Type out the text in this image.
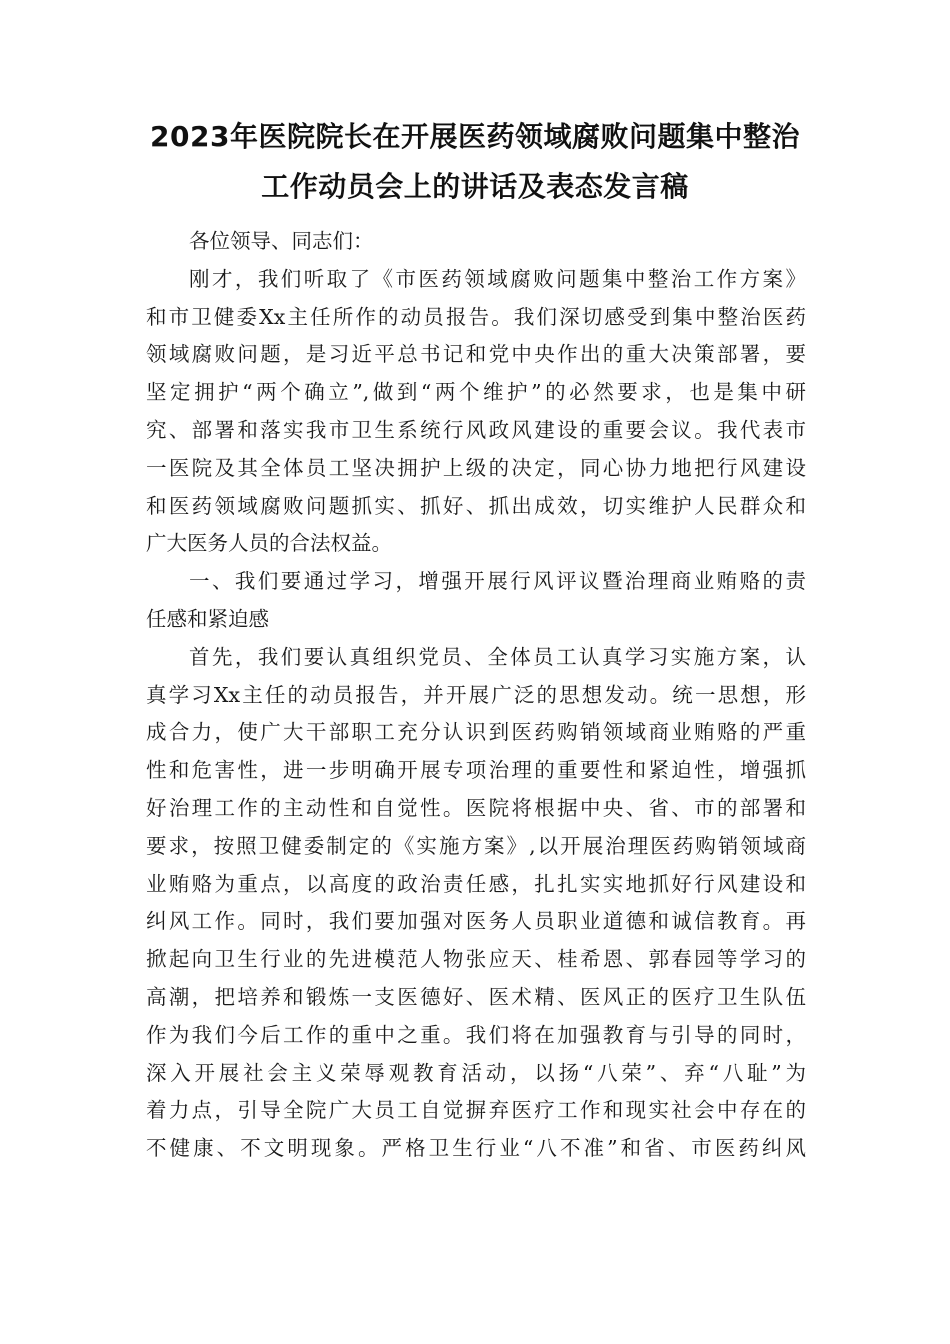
2023年医院院长在开展医药领域腐败问题集中整治
工作动员会上的讲话及表态发言稿
各位领导、同志们：
刚才，我们听取了《市医药领域腐败问题集中整治工作方案》
和市卫健委Xx主任所作的动员报告。我们深切感受到集中整治医药
领域腐败问题，是习近平总书记和党中央作出的重大决策部署，要
坚定拥护“两个确立”,做到“两个维护”的必然要求，也是集中研
究、部署和落实我市卫生系统行风政风建设的重要会议。我代表市
一医院及其全体员工坚决拥护上级的决定，同心协力地把行风建设
和医药领域腐败问题抓实、抓好、抓出成效，切实维护人民群众和
广大医务人员的合法权益。
一、我们要通过学习，增强开展行风评议暨治理商业贿赂的责
任感和紧迫感
首先，我们要认真组织党员、全体员工认真学习实施方案，认
真学习Xx主任的动员报告，并开展广泛的思想发动。统一思想，形
成合力，使广大干部职工充分认识到医药购销领域商业贿赂的严重
性和危害性，进一步明确开展专项治理的重要性和紧迫性，增强抓
好治理工作的主动性和自觉性。医院将根据中央、省、市的部署和
要求，按照卫健委制定的《实施方案》,以开展治理医药购销领域商
业贿赂为重点，以高度的政治责任感，扎扎实实地抓好行风建设和
纠风工作。同时，我们要加强对医务人员职业道德和诚信教育。再
掀起向卫生行业的先进模范人物张应天、桂希恩、郭春园等学习的
高潮，把培养和锻炼一支医德好、医术精、医风正的医疗卫生队伍
作为我们今后工作的重中之重。我们将在加强教育与引导的同时，
深入开展社会主义荣辱观教育活动，以扬“八荣”、弃“八耻”为
着力点，引导全院广大员工自觉摒弃医疗工作和现实社会中存在的
不健康、不文明现象。严格卫生行业“八不准”和省、市医药纠风
